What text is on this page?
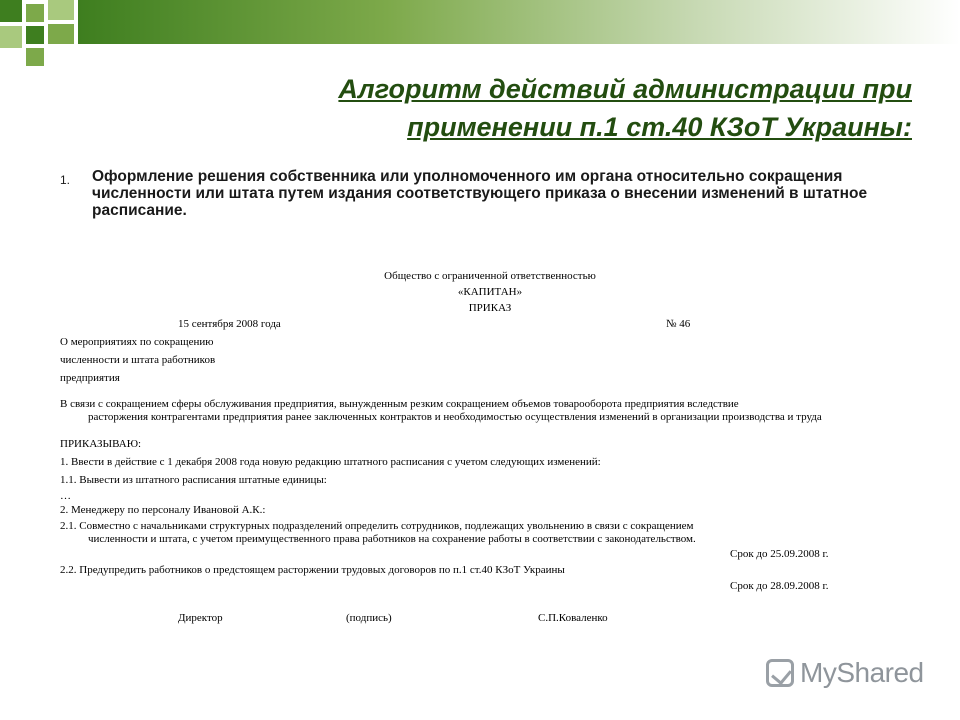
Алгоритм действий администрации при применении п.1 ст.40 КЗоТ Украины:
1. Оформление решения собственника или уполномоченного им органа относительно сокращения численности или штата путем издания соответствующего приказа о внесении изменений в штатное расписание.
Общество с ограниченной ответственностью
«КАПИТАН»
ПРИКАЗ
15 сентября 2008 года	№ 46
О мероприятиях по сокращению
численности и штата работников
предприятия
В связи с сокращением сферы обслуживания предприятия, вынужденным резким сокращением объемов товарооборота предприятия вследствие
расторжения контрагентами предприятия ранее заключенных контрактов и необходимостью осуществления изменений в организации производства и труда
ПРИКАЗЫВАЮ:
1. Ввести в действие с 1 декабря 2008 года новую редакцию штатного расписания с учетом следующих изменений:
1.1. Вывести из штатного расписания штатные единицы:
…
2. Менеджеру по персоналу Ивановой А.К.:
2.1. Совместно с начальниками структурных подразделений определить сотрудников, подлежащих увольнению в связи с сокращением
численности и штата, с учетом преимущественного права работников на сохранение работы в соответствии с законодательством.
Срок до 25.09.2008 г.
2.2. Предупредить работников о предстоящем расторжении трудовых договоров по п.1 ст.40 КЗоТ Украины
Срок до 28.09.2008 г.
Директор	(подпись)	С.П.Коваленко
MyShared
